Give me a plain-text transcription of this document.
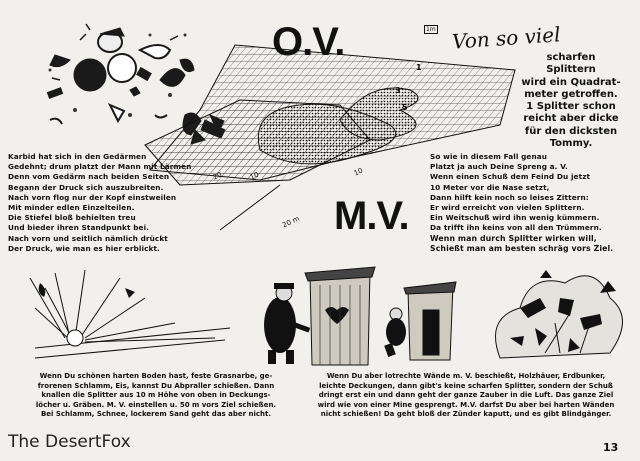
1
3
5
10
10
20 m
20
1m
O.V.	Von so viel
scharfen Splittern
wird ein Quadrat-
meter getroffen.
1 Splitter schon
reicht aber dicke
für den dicksten
Tommy.
Karbid hat sich in den Gedärmen
Gedehnt; drum platzt der Mann mit Lärmen
Denn vom Gedärm nach beiden Seiten
Begann der Druck sich auszubreiten.
Nach vorn flog nur der Kopf einstweilen
Mit minder edlen Einzelteilen.
Die Stiefel bloß behielten treu
Und bieder ihren Standpunkt bei.
Nach vorn und seitlich nämlich drückt
Der Druck, wie man es hier erblickt.
So wie in diesem Fall genau
Platzt ja auch Deine Spreng a. V.
Wenn einen Schuß dem Feind Du jetzt
10 Meter vor die Nase setzt,
Dann hilft kein noch so leises Zittern:
Er wird erreicht von vielen Splittern.
Ein Weitschuß wird ihn wenig kümmern.
Da trifft ihn keins von all den Trümmern.
Wenn man durch Splitter wirken will,
Schießt man am besten schräg vors Ziel.
M.V.
Wenn Du schönen harten Boden hast, feste Grasnarbe, ge-
frorenen Schlamm, Eis, kannst Du Abpraller schießen. Dann
knallen die Splitter aus 10 m Höhe von oben in Deckungs-
löcher u. Gräben. M. V. einstellen u. 50 m vors Ziel schießen.
Bei Schlamm, Schnee, lockerem Sand geht das aber nicht.
Wenn Du aber lotrechte Wände m. V. beschießt, Holzhäuer, Erdbunker,
leichte Deckungen, dann gibt's keine scharfen Splitter, sondern der Schuß
dringt erst ein und dann geht der ganze Zauber in die Luft. Das ganze Ziel
wird wie von einer Mine gesprengt. M.V. darfst Du aber bei harten Wänden
nicht schießen! Da geht bloß der Zünder kaputt, und es gibt Blindgänger.
The DesertFox	13
